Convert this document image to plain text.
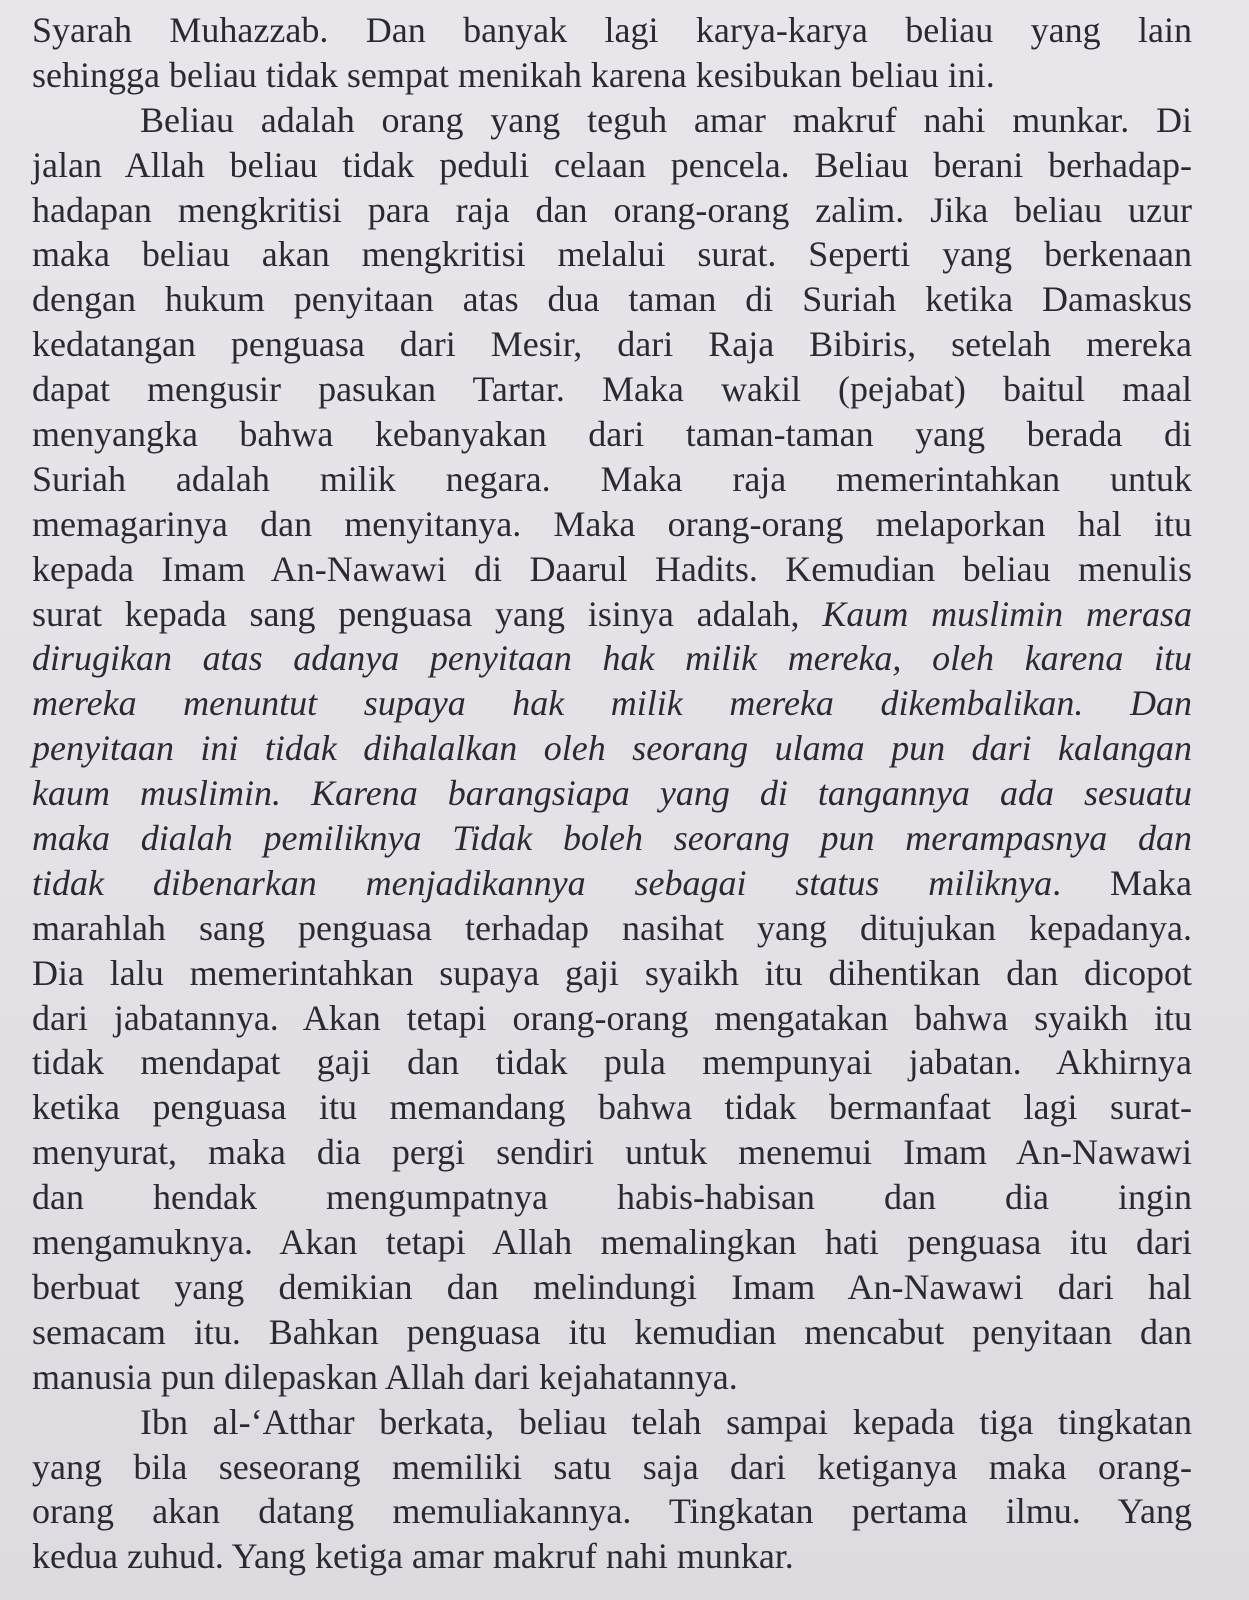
Syarah Muhazzab. Dan banyak lagi karya-karya beliau yang lain
sehingga beliau tidak sempat menikah karena kesibukan beliau ini.
Beliau adalah orang yang teguh amar makruf nahi munkar. Di
jalan Allah beliau tidak peduli celaan pencela. Beliau berani berhadap-
hadapan mengkritisi para raja dan orang-orang zalim. Jika beliau uzur
maka beliau akan mengkritisi melalui surat. Seperti yang berkenaan
dengan hukum penyitaan atas dua taman di Suriah ketika Damaskus
kedatangan penguasa dari Mesir, dari Raja Bibiris, setelah mereka
dapat mengusir pasukan Tartar. Maka wakil (pejabat) baitul maal
menyangka bahwa kebanyakan dari taman-taman yang berada di
Suriah adalah milik negara. Maka raja memerintahkan untuk
memagarinya dan menyitanya. Maka orang-orang melaporkan hal itu
kepada Imam An-Nawawi di Daarul Hadits. Kemudian beliau menulis
surat kepada sang penguasa yang isinya adalah, Kaum muslimin merasa
dirugikan atas adanya penyitaan hak milik mereka, oleh karena itu
mereka menuntut supaya hak milik mereka dikembalikan. Dan
penyitaan ini tidak dihalalkan oleh seorang ulama pun dari kalangan
kaum muslimin. Karena barangsiapa yang di tangannya ada sesuatu
maka dialah pemiliknya Tidak boleh seorang pun merampasnya dan
tidak dibenarkan menjadikannya sebagai status miliknya. Maka
marahlah sang penguasa terhadap nasihat yang ditujukan kepadanya.
Dia lalu memerintahkan supaya gaji syaikh itu dihentikan dan dicopot
dari jabatannya. Akan tetapi orang-orang mengatakan bahwa syaikh itu
tidak mendapat gaji dan tidak pula mempunyai jabatan. Akhirnya
ketika penguasa itu memandang bahwa tidak bermanfaat lagi surat-
menyurat, maka dia pergi sendiri untuk menemui Imam An-Nawawi
dan hendak mengumpatnya habis-habisan dan dia ingin
mengamuknya. Akan tetapi Allah memalingkan hati penguasa itu dari
berbuat yang demikian dan melindungi Imam An-Nawawi dari hal
semacam itu. Bahkan penguasa itu kemudian mencabut penyitaan dan
manusia pun dilepaskan Allah dari kejahatannya.
Ibn al-‘Atthar berkata, beliau telah sampai kepada tiga tingkatan
yang bila seseorang memiliki satu saja dari ketiganya maka orang-
orang akan datang memuliakannya. Tingkatan pertama ilmu. Yang
kedua zuhud. Yang ketiga amar makruf nahi munkar.
